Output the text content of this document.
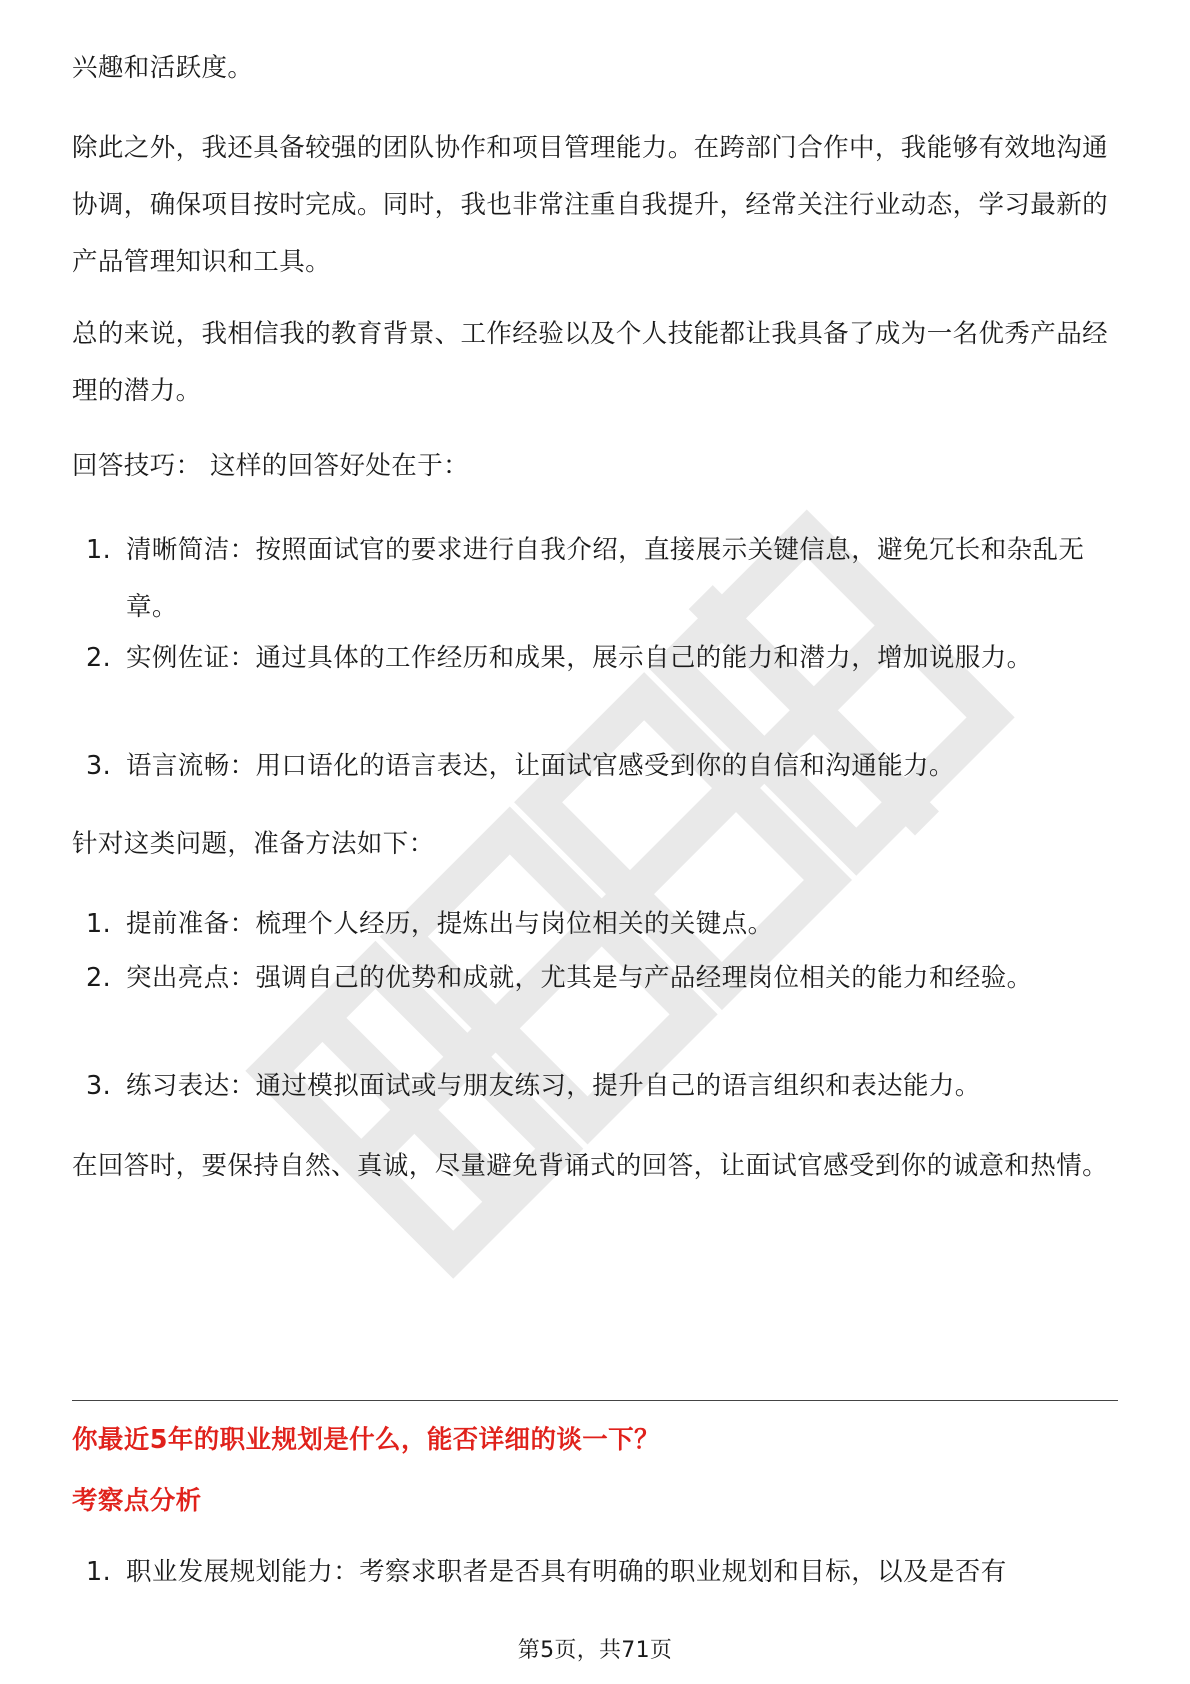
兴趣和活跃度。

除此之外，我还具备较强的团队协作和项目管理能力。在跨部门合作中，我能够有效地沟通协调，确保项目按时完成。同时，我也非常注重自我提升，经常关注行业动态，学习最新的产品管理知识和工具。

总的来说，我相信我的教育背景、工作经验以及个人技能都让我具备了成为一名优秀产品经理的潜力。

回答技巧： 这样的回答好处在于：

1. 清晰简洁：按照面试官的要求进行自我介绍，直接展示关键信息，避免冗长和杂乱无章。
2. 实例佐证：通过具体的工作经历和成果，展示自己的能力和潜力，增加说服力。
3. 语言流畅：用口语化的语言表达，让面试官感受到你的自信和沟通能力。

针对这类问题，准备方法如下：

1. 提前准备：梳理个人经历，提炼出与岗位相关的关键点。
2. 突出亮点：强调自己的优势和成就，尤其是与产品经理岗位相关的能力和经验。
3. 练习表达：通过模拟面试或与朋友练习，提升自己的语言组织和表达能力。

在回答时，要保持自然、真诚，尽量避免背诵式的回答，让面试官感受到你的诚意和热情。

你最近5年的职业规划是什么，能否详细的谈一下？

考察点分析

1. 职业发展规划能力：考察求职者是否具有明确的职业规划和目标，以及是否有
第5页，共71页
